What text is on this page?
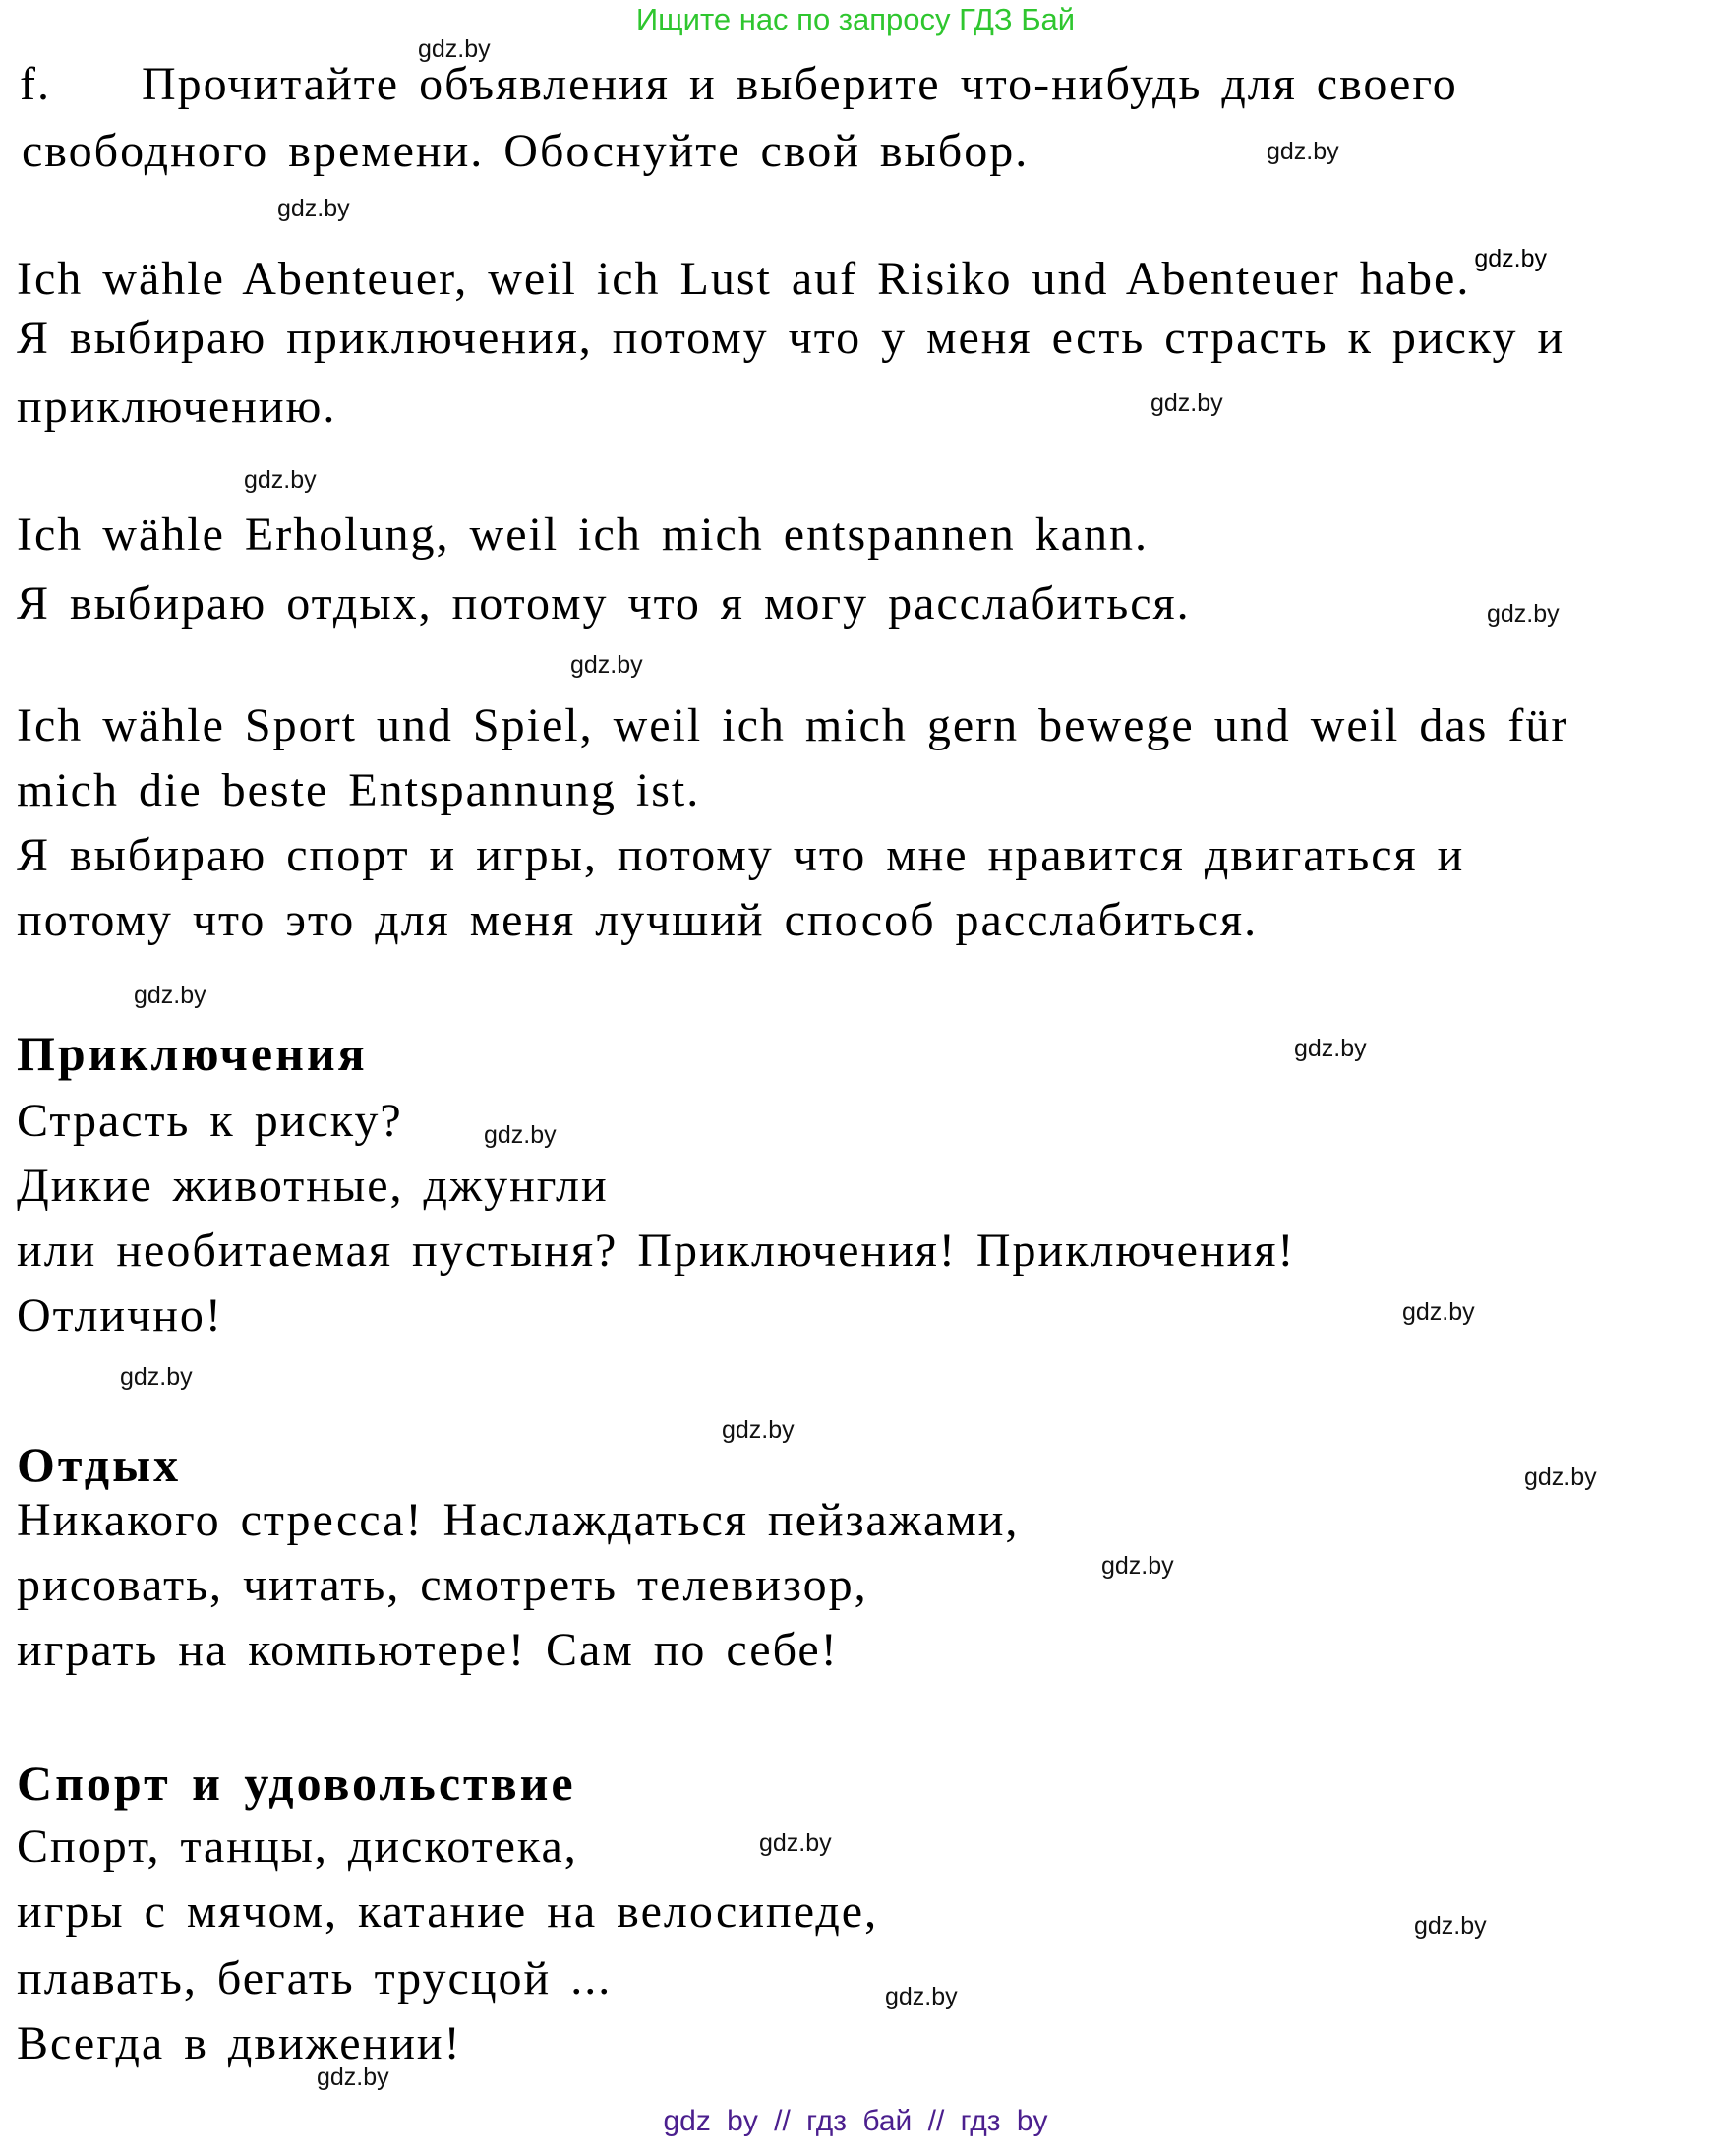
Ищите нас по запросу ГДЗ Бай
gdz.by
f. Прочитайте объявления и выберите что-нибудь для своего
свободного времени. Обоснуйте свой выбор.	gdz.by
gdz.by
Ich wähle Abenteuer, weil ich Lust auf Risiko und Abenteuer habe. $^{gdz.by}$
Я выбираю приключения, потому что у меня есть страсть к риску и
приключению.	gdz.by
gdz.by
Ich wähle Erholung, weil ich mich entspannen kann.
Я выбираю отдых, потому что я могу расслабиться.	gdz.by
gdz.by
Ich wähle Sport und Spiel, weil ich mich gern bewege und weil das für
mich die beste Entspannung ist.
Я выбираю спорт и игры, потому что мне нравится двигаться и
потому что это для меня лучший способ расслабиться.
gdz.by
Приключения	gdz.by
Страсть к риску?	gdz.by
Дикие животные, джунгли
или необитаемая пустыня? Приключения! Приключения!
Отлично!	gdz.by
gdz.by
gdz.by
Отдых	gdz.by
Никакого стресса! Наслаждаться пейзажами,
gdz.by
рисовать, читать, смотреть телевизор,
играть на компьютере! Сам по себе!
Спорт и удовольствие
Спорт, танцы, дискотека,	gdz.by
игры с мячом, катание на велосипеде,	gdz.by
плавать, бегать трусцой ...	gdz.by
Всегда в движении!
gdz.by
gdz by // гдз бай // гдз by
